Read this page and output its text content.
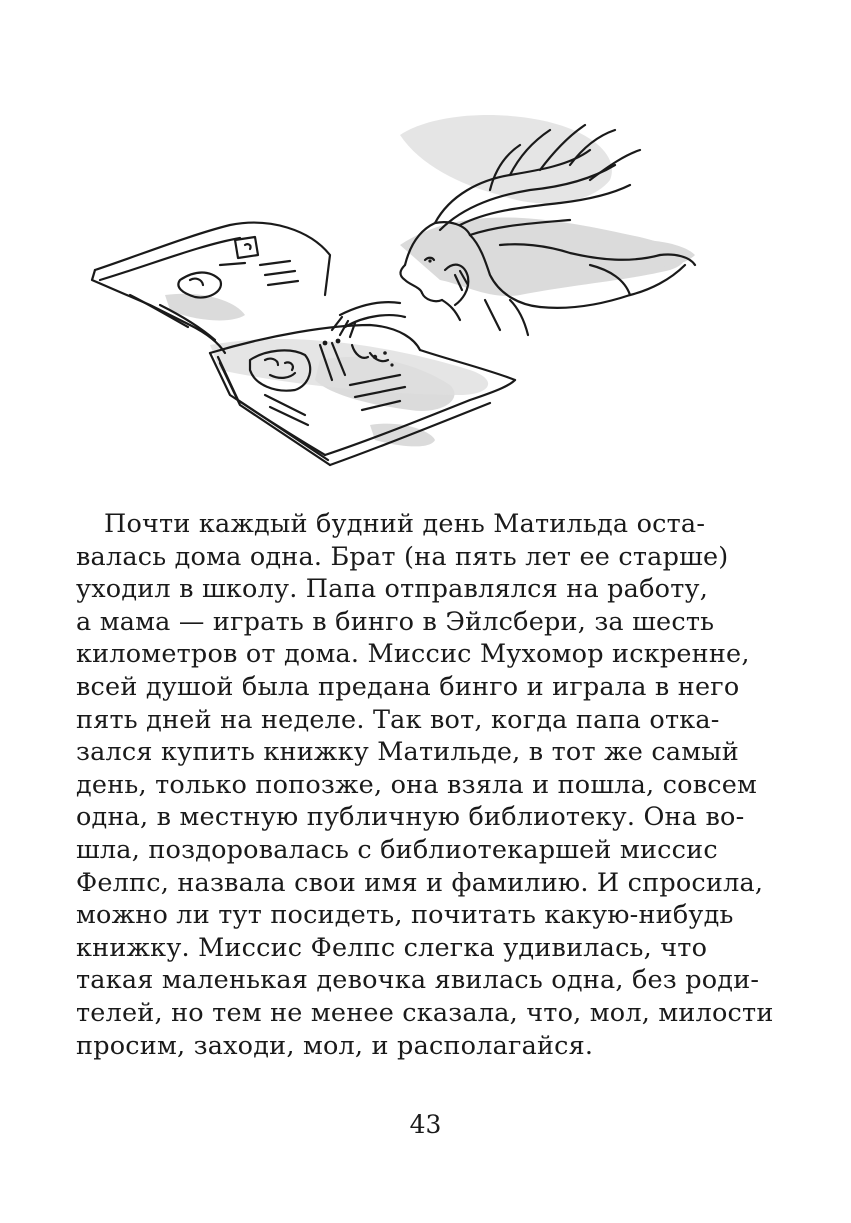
Почти каждый будний день Матильда оста-
валась дома одна. Брат (на пять лет ее старше)
уходил в школу. Папа отправлялся на работу,
а мама — играть в бинго в Эйлсбери, за шесть
километров от дома. Миссис Мухомор искренне,
всей душой была предана бинго и играла в него
пять дней на неделе. Так вот, когда папа отка-
зался купить книжку Матильде, в тот же самый
день, только попозже, она взяла и пошла, совсем
одна, в местную публичную библиотеку. Она во-
шла, поздоровалась с библиотекаршей миссис
Фелпс, назвала свои имя и фамилию. И спросила,
можно ли тут посидеть, почитать какую-нибудь
книжку. Миссис Фелпс слегка удивилась, что
такая маленькая девочка явилась одна, без роди-
телей, но тем не менее сказала, что, мол, милости
просим, заходи, мол, и располагайся.
43
